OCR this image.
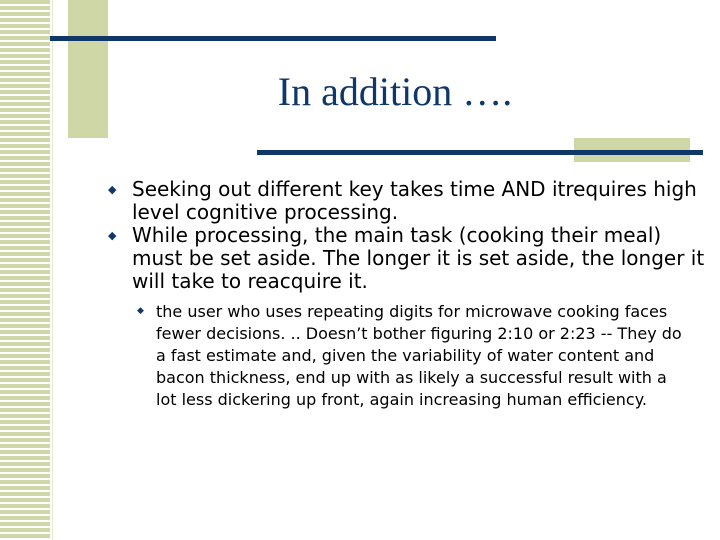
In addition ….
◆ Seeking out different key takes time AND itrequires high level cognitive processing.
◆ While processing, the main task (cooking their meal) must be set aside. The longer it is set aside, the longer it will take to reacquire it.
◆ the user who uses repeating digits for microwave cooking faces fewer decisions. .. Doesn’t bother figuring 2:10 or 2:23 -- They do a fast estimate and, given the variability of water content and bacon thickness, end up with as likely a successful result with a lot less dickering up front, again increasing human efficiency.
